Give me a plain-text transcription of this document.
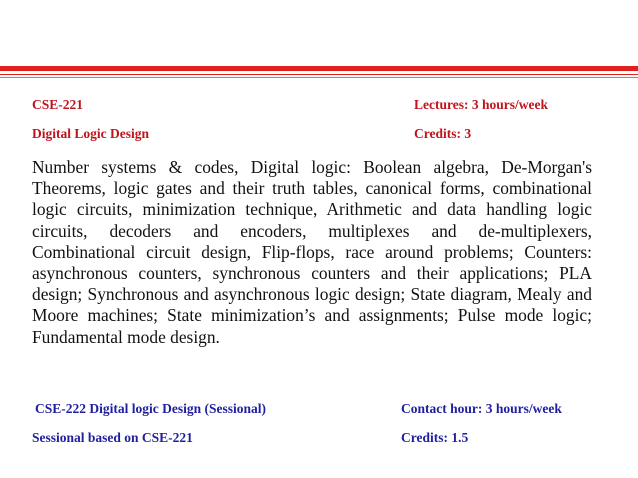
CSE-221	Lectures: 3 hours/week
Digital Logic Design	Credits: 3
Number systems & codes, Digital logic: Boolean algebra, De-Morgan's Theorems, logic gates and their truth tables, canonical forms, combinational logic circuits, minimization technique, Arithmetic and data handling logic circuits, decoders and encoders, multiplexes and de-multiplexers, Combinational circuit design, Flip-flops, race around problems; Counters: asynchronous counters, synchronous counters and their applications; PLA design; Synchronous and asynchronous logic design; State diagram, Mealy and Moore machines; State minimization’s and assignments; Pulse mode logic; Fundamental mode design.
CSE-222 Digital logic Design (Sessional)	Contact hour: 3 hours/week
Sessional based on CSE-221	Credits: 1.5
